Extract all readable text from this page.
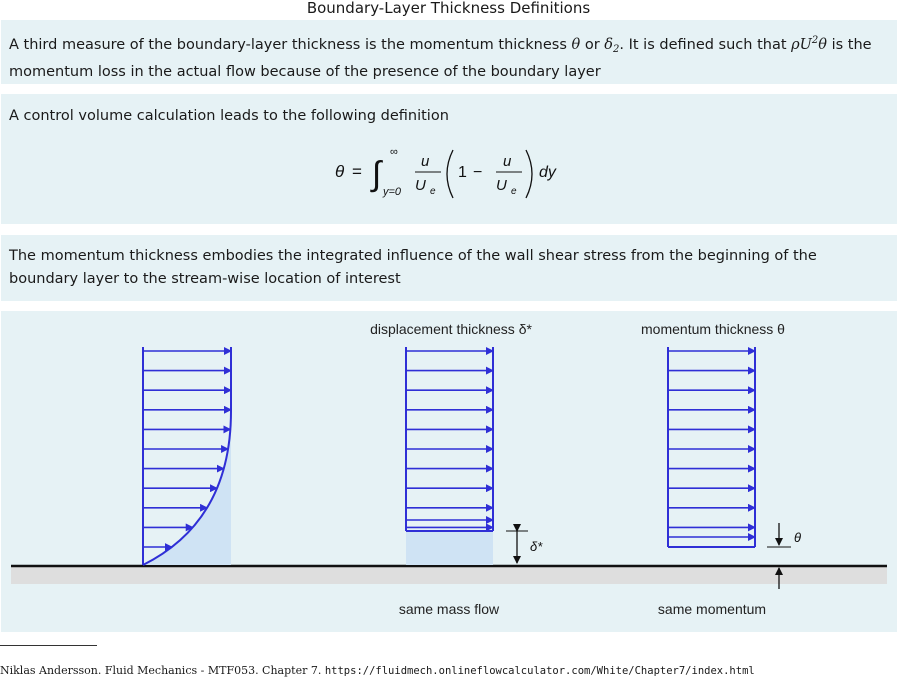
Boundary-Layer Thickness Definitions

A third measure of the boundary-layer thickness is the momentum thickness θ or $\delta_2$. It is defined such that $\rho U^2\theta$ is the momentum loss in the actual flow because of the presence of the boundary layer

A control volume calculation leads to the following definition

θ = ∫
∞
y=0
u
U e
1 −
u
U e
dy

The momentum thickness embodies the integrated influence of the wall shear stress from the beginning of the boundary layer to the stream-wise location of interest

δ*
θ
displacement thickness δ*	momentum thickness θ
same mass flow	same momentum
Niklas Andersson. Fluid Mechanics - MTF053. Chapter 7. https://fluidmech.onlineflowcalculator.com/White/Chapter7/index.html
